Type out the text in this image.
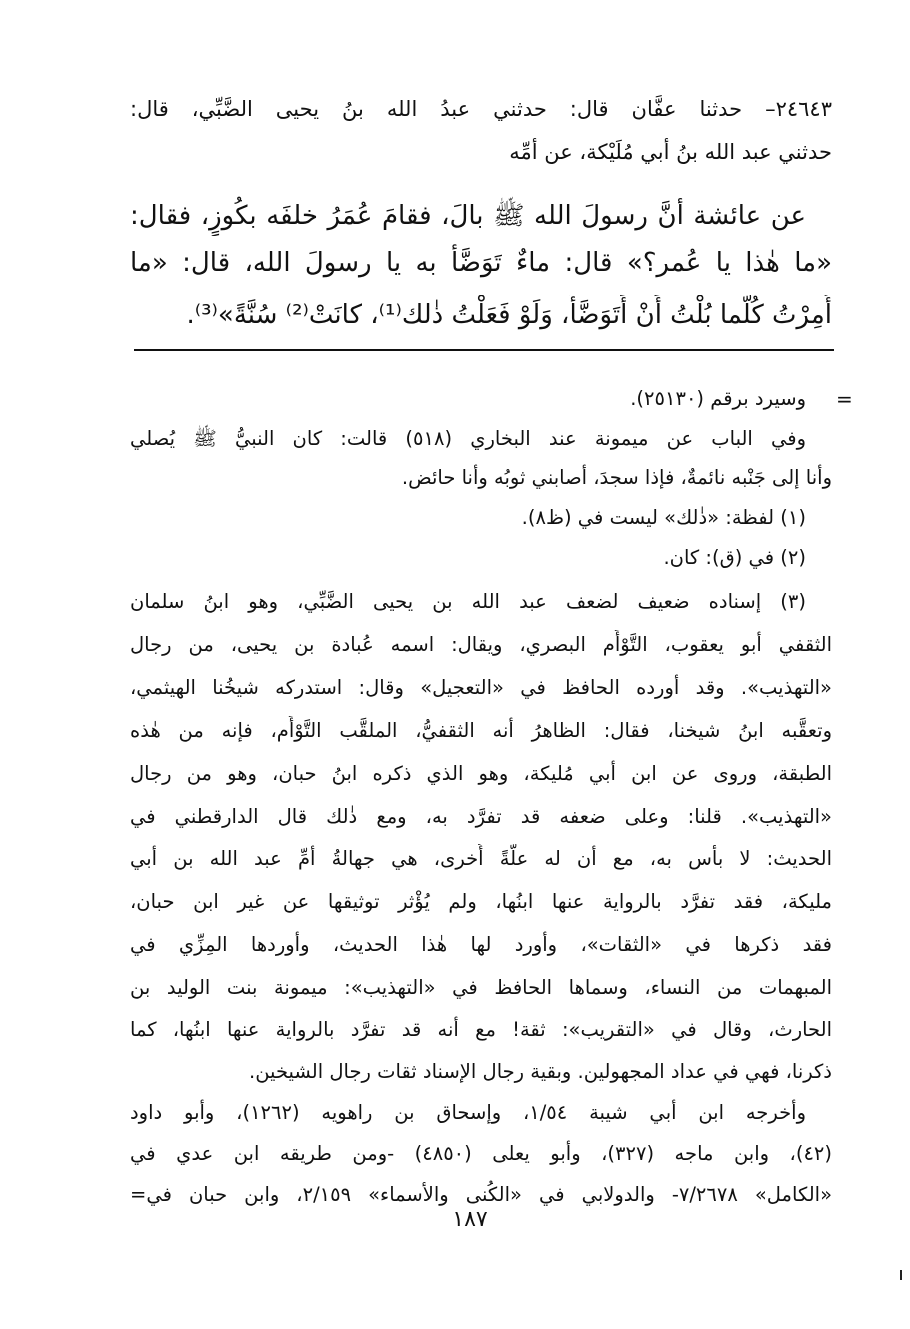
٢٤٦٤٣– حدثنا عفَّان قال: حدثني عبدُ الله بنُ يحيى الضَّبِّي، قال:
حدثني عبد الله بنُ أبي مُلَيْكة، عن أمِّه
عن عائشة أنَّ رسولَ الله ﷺ بالَ، فقامَ عُمَرُ خلفَه بكُوزٍ، فقال:
«ما هٰذا يا عُمر؟» قال: ماءٌ تَوَضَّأُ به يا رسولَ الله، قال: «ما
أُمِرْتُ كُلَّما بُلْتُ أَنْ أَتَوَضَّأَ، وَلَوْ فَعَلْتُ ذٰلك⁽¹⁾، كانَتْ⁽²⁾ سُنَّةً»⁽³⁾.
=
وسيرد برقم (٢٥١٣٠).
وفي الباب عن ميمونة عند البخاري (٥١٨) قالت: كان النبيُّ ﷺ يُصلي
وأنا إلى جَنْبه نائمةٌ، فإذا سجدَ، أصابني ثوبُه وأنا حائض.
(١) لفظة: «ذٰلك» ليست في (ظ٨).
(٢) في (ق): كان.
(٣) إسناده ضعيف لضعف عبد الله بن يحيى الضَّبِّي، وهو ابنُ سلمان
الثقفي أبو يعقوب، التَّوْأَم البصري، ويقال: اسمه عُبادة بن يحيى، من رجال
«التهذيب». وقد أورده الحافظ في «التعجيل» وقال: استدركه شيخُنا الهيثمي،
وتعقَّبه ابنُ شيخنا، فقال: الظاهرُ أنه الثقفيُّ، الملقَّب التَّوْأَم، فإنه من هٰذه
الطبقة، وروى عن ابن أبي مُليكة، وهو الذي ذكره ابنُ حبان، وهو من رجال
«التهذيب». قلنا: وعلى ضعفه قد تفرَّد به، ومع ذٰلك قال الدارقطني في
الحديث: لا بأس به، مع أن له علَّةً أُخرى، هي جهالةُ أمِّ عبد الله بن أبي
مليكة، فقد تفرَّد بالرواية عنها ابنُها، ولم يُؤْثر توثيقها عن غير ابن حبان،
فقد ذكرها في «الثقات»، وأورد لها هٰذا الحديث، وأوردها المِزِّي في
المبهمات من النساء، وسماها الحافظ في «التهذيب»: ميمونة بنت الوليد بن
الحارث، وقال في «التقريب»: ثقة! مع أنه قد تفرَّد بالرواية عنها ابنُها، كما
ذكرنا، فهي في عداد المجهولين. وبقية رجال الإسناد ثقات رجال الشيخين.
وأخرجه ابن أبي شيبة ١/٥٤، وإسحاق بن راهويه (١٢٦٢)، وأبو داود
(٤٢)، وابن ماجه (٣٢٧)، وأبو يعلى (٤٨٥٠) -ومن طريقه ابن عدي في
«الكامل» ٧/٢٦٧٨- والدولابي في «الكُنى والأسماء» ٢/١٥٩، وابن حبان في=
١٨٧
